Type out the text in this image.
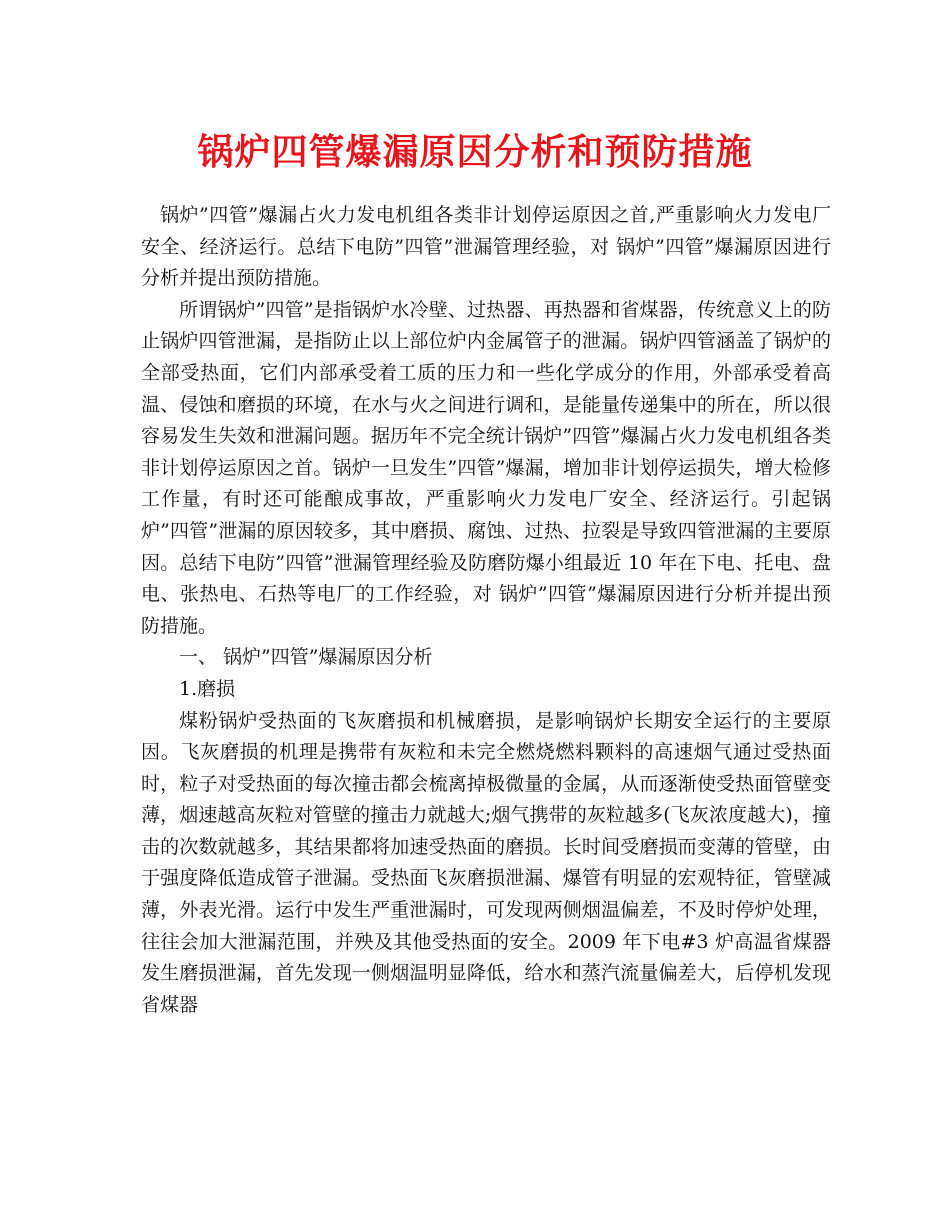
锅炉四管爆漏原因分析和预防措施

锅炉”四管”爆漏占火力发电机组各类非计划停运原因之首,严重影响火力发电厂安全、经济运行。总结下电防”四管”泄漏管理经验，对 锅炉”四管”爆漏原因进行分析并提出预防措施。

所谓锅炉”四管”是指锅炉水冷壁、过热器、再热器和省煤器，传统意义上的防止锅炉四管泄漏，是指防止以上部位炉内金属管子的泄漏。锅炉四管涵盖了锅炉的全部受热面，它们内部承受着工质的压力和一些化学成分的作用，外部承受着高温、侵蚀和磨损的环境，在水与火之间进行调和，是能量传递集中的所在，所以很容易发生失效和泄漏问题。据历年不完全统计锅炉”四管”爆漏占火力发电机组各类非计划停运原因之首。锅炉一旦发生”四管”爆漏，增加非计划停运损失，增大检修工作量，有时还可能酿成事故，严重影响火力发电厂安全、经济运行。引起锅炉”四管”泄漏的原因较多，其中磨损、腐蚀、过热、拉裂是导致四管泄漏的主要原因。总结下电防”四管”泄漏管理经验及防磨防爆小组最近 10 年在下电、托电、盘电、张热电、石热等电厂的工作经验，对 锅炉”四管”爆漏原因进行分析并提出预防措施。

一、 锅炉”四管”爆漏原因分析

1.磨损

煤粉锅炉受热面的飞灰磨损和机械磨损，是影响锅炉长期安全运行的主要原因。飞灰磨损的机理是携带有灰粒和未完全燃烧燃料颗料的高速烟气通过受热面时，粒子对受热面的每次撞击都会梳离掉极微量的金属，从而逐渐使受热面管壁变薄，烟速越高灰粒对管壁的撞击力就越大;烟气携带的灰粒越多(飞灰浓度越大)，撞击的次数就越多，其结果都将加速受热面的磨损。长时间受磨损而变薄的管壁，由于强度降低造成管子泄漏。受热面飞灰磨损泄漏、爆管有明显的宏观特征，管壁减薄，外表光滑。运行中发生严重泄漏时，可发现两侧烟温偏差，不及时停炉处理，往往会加大泄漏范围，并殃及其他受热面的安全。2009 年下电#3 炉高温省煤器发生磨损泄漏，首先发现一侧烟温明显降低，给水和蒸汽流量偏差大，后停机发现省煤器
